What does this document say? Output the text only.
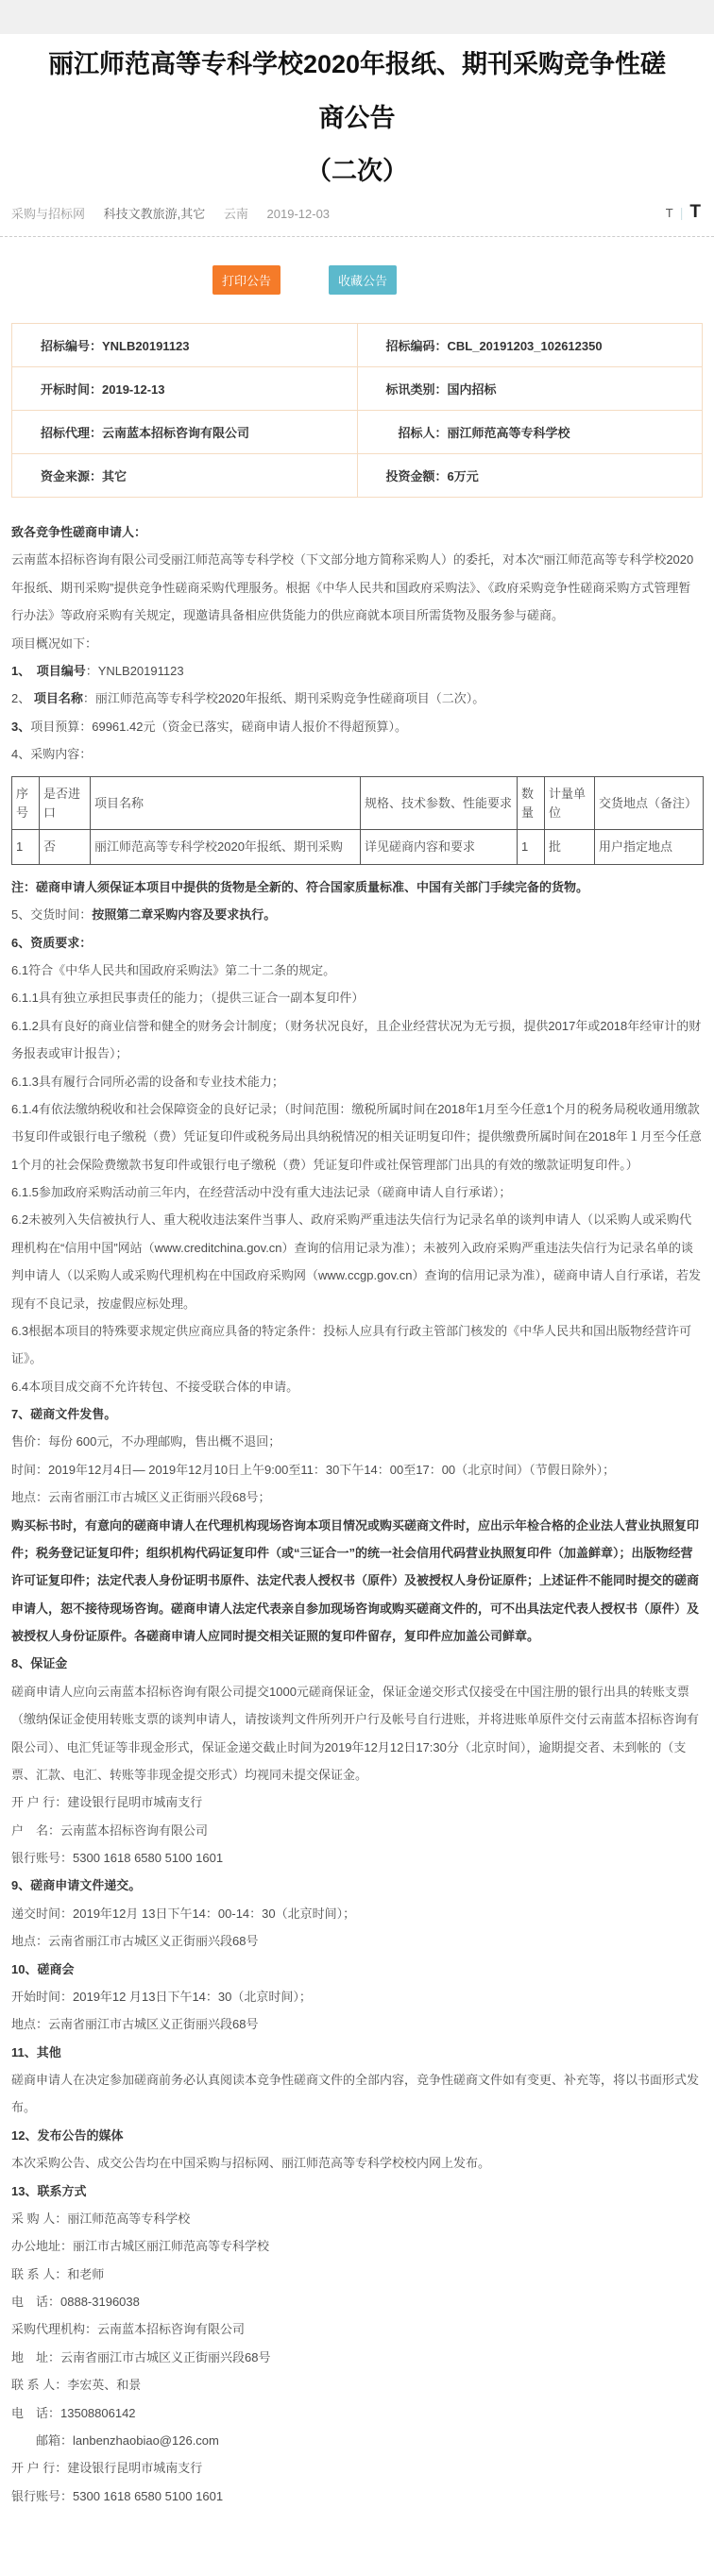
丽江师范高等专科学校2020年报纸、期刊采购竞争性磋商公告
（二次）
采购与招标网 科技文教旅游,其它 云南 2019-12-03	T | T
打印公告	收藏公告
招标编号：YNLB20191123	招标编码：CBL_20191203_102612350
开标时间：2019-12-13	标讯类别：国内招标
招标代理：云南蓝本招标咨询有限公司	　招标人：丽江师范高等专科学校
资金来源：其它	投资金额：6万元

致各竞争性磋商申请人：

云南蓝本招标咨询有限公司受丽江师范高等专科学校（下文部分地方简称采购人）的委托，对本次“丽江师范高等专科学校2020年报纸、期刊采购”提供竞争性磋商采购代理服务。根据《中华人民共和国政府采购法》、《政府采购竞争性磋商采购方式管理暂行办法》等政府采购有关规定，现邀请具备相应供货能力的供应商就本项目所需货物及服务参与磋商。

项目概况如下：

1、　项目编号：YNLB20191123

2、 项目名称：丽江师范高等专科学校2020年报纸、期刊采购竞争性磋商项目（二次）。

3、项目预算：69961.42元（资金已落实，磋商申请人报价不得超预算）。

4、采购内容：

序号	是否进口	项目名称	规格、技术参数、性能要求	数量	计量单位	交货地点（备注）
1	否	丽江师范高等专科学校2020年报纸、期刊采购	详见磋商内容和要求	1	批	用户指定地点

注：磋商申请人须保证本项目中提供的货物是全新的、符合国家质量标准、中国有关部门手续完备的货物。

5、交货时间：按照第二章采购内容及要求执行。

6、资质要求：

6.1符合《中华人民共和国政府采购法》第二十二条的规定。

6.1.1具有独立承担民事责任的能力；（提供三证合一副本复印件）

6.1.2具有良好的商业信誉和健全的财务会计制度；（财务状况良好，且企业经营状况为无亏损，提供2017年或2018年经审计的财务报表或审计报告）；

6.1.3具有履行合同所必需的设备和专业技术能力；

6.1.4有依法缴纳税收和社会保障资金的良好记录；（时间范围：缴税所属时间在2018年1月至今任意1个月的税务局税收通用缴款书复印件或银行电子缴税（费）凭证复印件或税务局出具纳税情况的相关证明复印件；提供缴费所属时间在2018年１月至今任意1个月的社会保险费缴款书复印件或银行电子缴税（费）凭证复印件或社保管理部门出具的有效的缴款证明复印件。）

6.1.5参加政府采购活动前三年内，在经营活动中没有重大违法记录（磋商申请人自行承诺）；

6.2未被列入失信被执行人、重大税收违法案件当事人、政府采购严重违法失信行为记录名单的谈判申请人（以采购人或采购代理机构在“信用中国”网站（www.creditchina.gov.cn）查询的信用记录为准）；未被列入政府采购严重违法失信行为记录名单的谈判申请人（以采购人或采购代理机构在中国政府采购网（www.ccgp.gov.cn）查询的信用记录为准），磋商申请人自行承诺，若发现有不良记录，按虚假应标处理。

6.3根据本项目的特殊要求规定供应商应具备的特定条件：投标人应具有行政主管部门核发的《中华人民共和国出版物经营许可证》。

6.4本项目成交商不允许转包、不接受联合体的申请。

7、磋商文件发售。

售价：每份 600元，不办理邮购，售出概不退回；

时间：2019年12月4日— 2019年12月10日上午9:00至11：30下午14：00至17：00（北京时间）（节假日除外）；

地点：云南省丽江市古城区义正街丽兴段68号；

购买标书时，有意向的磋商申请人在代理机构现场咨询本项目情况或购买磋商文件时，应出示年检合格的企业法人营业执照复印件；税务登记证复印件；组织机构代码证复印件（或“三证合一”的统一社会信用代码营业执照复印件（加盖鲜章）；出版物经营许可证复印件；法定代表人身份证明书原件、法定代表人授权书（原件）及被授权人身份证原件；上述证件不能同时提交的磋商申请人，恕不接待现场咨询。磋商申请人法定代表亲自参加现场咨询或购买磋商文件的，可不出具法定代表人授权书（原件）及被授权人身份证原件。各磋商申请人应同时提交相关证照的复印件留存，复印件应加盖公司鲜章。

8、保证金

磋商申请人应向云南蓝本招标咨询有限公司提交1000元磋商保证金，保证金递交形式仅接受在中国注册的银行出具的转账支票（缴纳保证金使用转账支票的谈判申请人，请按谈判文件所列开户行及帐号自行进账，并将进账单原件交付云南蓝本招标咨询有限公司）、电汇凭证等非现金形式，保证金递交截止时间为2019年12月12日17:30分（北京时间），逾期提交者、未到帐的（支票、汇款、电汇、转账等非现金提交形式）均视同未提交保证金。

开 户 行：建设银行昆明市城南支行

户　名：云南蓝本招标咨询有限公司

银行账号：5300 1618 6580 5100 1601

9、磋商申请文件递交。

递交时间：2019年12月 13日下午14：00-14：30（北京时间）；

地点：云南省丽江市古城区义正街丽兴段68号

10、磋商会

开始时间：2019年12 月13日下午14：30（北京时间）；

地点：云南省丽江市古城区义正街丽兴段68号

11、其他

磋商申请人在决定参加磋商前务必认真阅读本竞争性磋商文件的全部内容，竞争性磋商文件如有变更、补充等，将以书面形式发布。

12、发布公告的媒体

本次采购公告、成交公告均在中国采购与招标网、丽江师范高等专科学校校内网上发布。

13、联系方式

采 购 人：丽江师范高等专科学校

办公地址：丽江市古城区丽江师范高等专科学校

联 系 人：和老师

电　话：0888-3196038

采购代理机构：云南蓝本招标咨询有限公司

地　址：云南省丽江市古城区义正街丽兴段68号

联 系 人：李宏英、和景

电　话：13508806142

邮箱：lanbenzhaobiao@126.com

开 户 行：建设银行昆明市城南支行

银行账号：5300 1618 6580 5100 1601
